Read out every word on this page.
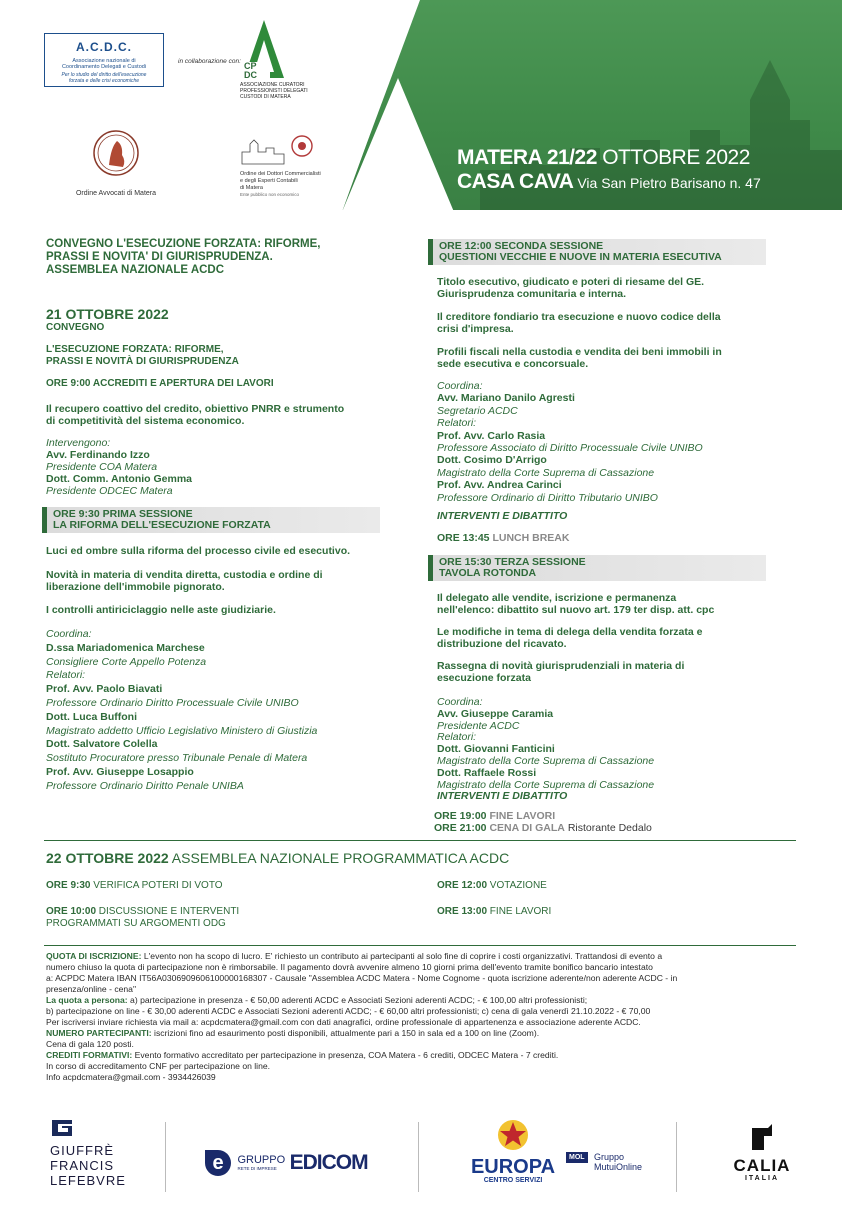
A.C.D.C.
Associazione nazionale di
Coordinamento Delegati e Custodi
Per lo studio del diritto dell'esecuzione
forzata e delle crisi economiche
in collaborazione con: CP DC
ASSOCIAZIONE CURATORI
PROFESSIONISTI DELEGATI
CUSTODI DI MATERA
Ordine Avvocati di Matera
Ordine dei Dottori Commercialisti
e degli Esperti Contabili
di Matera
Ente pubblico non economico
MATERA 21/22 OTTOBRE 2022
CASA CAVA Via San Pietro Barisano n. 47
CONVEGNO L'ESECUZIONE FORZATA: RIFORME,
PRASSI E NOVITA' DI GIURISPRUDENZA.
ASSEMBLEA NAZIONALE ACDC
21 OTTOBRE 2022
CONVEGNO
L'ESECUZIONE FORZATA: RIFORME,
PRASSI E NOVITÀ DI GIURISPRUDENZA
ORE 9:00 ACCREDITI E APERTURA DEI LAVORI
Il recupero coattivo del credito, obiettivo PNRR e strumento
di competitività del sistema economico.
Intervengono:
Avv. Ferdinando Izzo
Presidente COA Matera
Dott. Comm. Antonio Gemma
Presidente ODCEC Matera
ORE 9:30 PRIMA SESSIONE
LA RIFORMA DELL'ESECUZIONE FORZATA
Luci ed ombre sulla riforma del processo civile ed esecutivo.
Novità in materia di vendita diretta, custodia e ordine di
liberazione dell'immobile pignorato.
I controlli antiriciclaggio nelle aste giudiziarie.
Coordina:
D.ssa Mariadomenica Marchese
Consigliere Corte Appello Potenza
Relatori:
Prof. Avv. Paolo Biavati
Professore Ordinario Diritto Processuale Civile UNIBO
Dott. Luca Buffoni
Magistrato addetto Ufficio Legislativo Ministero di Giustizia
Dott. Salvatore Colella
Sostituto Procuratore presso Tribunale Penale di Matera
Prof. Avv. Giuseppe Losappio
Professore Ordinario Diritto Penale UNIBA
ORE 12:00 SECONDA SESSIONE
QUESTIONI VECCHIE E NUOVE IN MATERIA ESECUTIVA
Titolo esecutivo, giudicato e poteri di riesame del GE.
Giurisprudenza comunitaria e interna.
Il creditore fondiario tra esecuzione e nuovo codice della
crisi d'impresa.
Profili fiscali nella custodia e vendita dei beni immobili in
sede esecutiva e concorsuale.
Coordina:
Avv. Mariano Danilo Agresti
Segretario ACDC
Relatori:
Prof. Avv. Carlo Rasia
Professore Associato di Diritto Processuale Civile UNIBO
Dott. Cosimo D'Arrigo
Magistrato della Corte Suprema di Cassazione
Prof. Avv. Andrea Carinci
Professore Ordinario di Diritto Tributario UNIBO
INTERVENTI E DIBATTITO
ORE 13:45 LUNCH BREAK
ORE 15:30 TERZA SESSIONE
TAVOLA ROTONDA
Il delegato alle vendite, iscrizione e permanenza
nell'elenco: dibattito sul nuovo art. 179 ter disp. att. cpc
Le modifiche in tema di delega della vendita forzata e
distribuzione del ricavato.
Rassegna di novità giurisprudenziali in materia di
esecuzione forzata
Coordina:
Avv. Giuseppe Caramia
Presidente ACDC
Relatori:
Dott. Giovanni Fanticini
Magistrato della Corte Suprema di Cassazione
Dott. Raffaele Rossi
Magistrato della Corte Suprema di Cassazione
INTERVENTI E DIBATTITO
ORE 19:00 FINE LAVORI
ORE 21:00 CENA DI GALA Ristorante Dedalo
22 OTTOBRE 2022 ASSEMBLEA NAZIONALE PROGRAMMATICA ACDC
ORE 9:30 VERIFICA POTERI DI VOTO
ORE 10:00 DISCUSSIONE E INTERVENTI
PROGRAMMATI SU ARGOMENTI ODG
ORE 12:00 VOTAZIONE
ORE 13:00 FINE LAVORI
QUOTA DI ISCRIZIONE: L'evento non ha scopo di lucro. E' richiesto un contributo ai partecipanti al solo fine di coprire i costi organizzativi. Trattandosi di evento a
numero chiuso la quota di partecipazione non è rimborsabile. Il pagamento dovrà avvenire almeno 10 giorni prima dell'evento tramite bonifico bancario intestato
a: ACPDC Matera IBAN IT56A0306909606100000168307 - Causale "Assemblea ACDC Matera - Nome Cognome - quota iscrizione aderente/non aderente ACDC - in
presenza/online - cena"
La quota a persona: a) partecipazione in presenza - € 50,00 aderenti ACDC e Associati Sezioni aderenti ACDC; - € 100,00 altri professionisti;
b) partecipazione on line - € 30,00 aderenti ACDC e Associati Sezioni aderenti ACDC; - € 60,00 altri professionisti; c) cena di gala venerdì 21.10.2022 - € 70,00
Per iscriversi inviare richiesta via mail a: acpdcmatera@gmail.com con dati anagrafici, ordine professionale di appartenenza e associazione aderente ACDC.
NUMERO PARTECIPANTI: iscrizioni fino ad esaurimento posti disponibili, attualmente pari a 150 in sala ed a 100 on line (Zoom).
Cena di gala 120 posti.
CREDITI FORMATIVI: Evento formativo accreditato per partecipazione in presenza, COA Matera - 6 crediti, ODCEC Matera - 7 crediti.
In corso di accreditamento CNF per partecipazione on line.
Info acpdcmatera@gmail.com - 3934426039
GIUFFRÈ
FRANCIS
LEFEBVRE
e GRUPPO
RETE DI IMPRESE EDICOM	EUROPA
CENTRO SERVIZI
MOL Gruppo
MutuiOnline	CALIA
ITALIA
